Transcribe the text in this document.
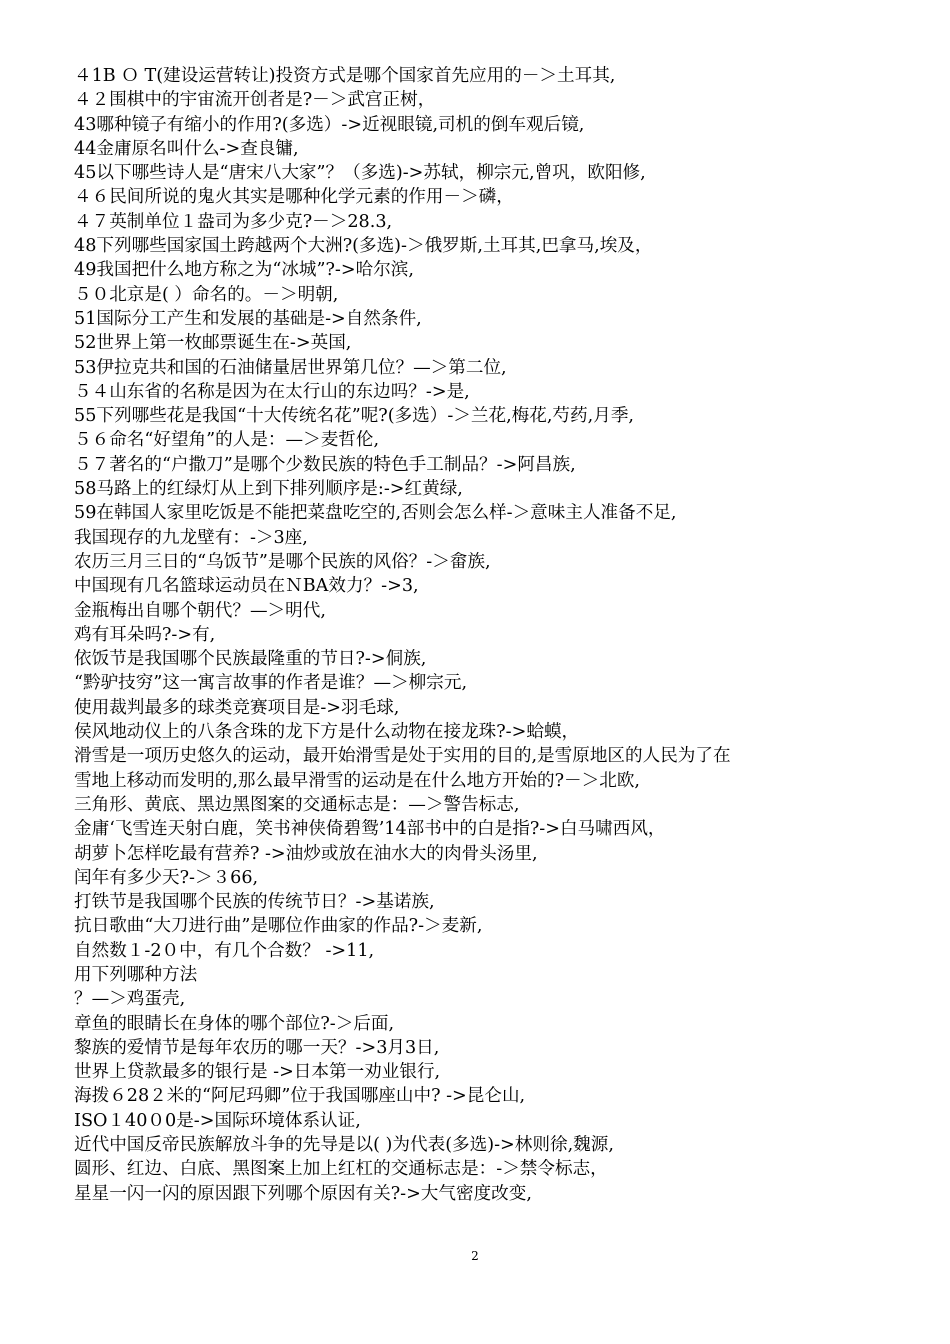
４1B Ｏ T(建设运营转让)投资方式是哪个国家首先应用的－＞土耳其,
４２围棋中的宇宙流开创者是?－＞武宫正树，
43哪种镜子有缩小的作用?(多选）->近视眼镜,司机的倒车观后镜,
44金庸原名叫什么->查良镛,
45以下哪些诗人是“唐宋八大家”？（多选)->苏轼，柳宗元,曾巩，欧阳修,
４６民间所说的鬼火其实是哪种化学元素的作用－＞磷，
４７英制单位１盎司为多少克?－＞28.3,
48下列哪些国家国土跨越两个大洲?(多选)-＞俄罗斯,土耳其,巴拿马,埃及，
49我国把什么地方称之为“冰城”?->哈尔滨,
５０北京是( ）命名的。－＞明朝,
51国际分工产生和发展的基础是->自然条件,
52世界上第一枚邮票诞生在->英国,
53伊拉克共和国的石油储量居世界第几位？—＞第二位,
５４山东省的名称是因为在太行山的东边吗？->是,
55下列哪些花是我国“十大传统名花”呢?(多选）-＞兰花,梅花,芍药,月季,
５６命名“好望角”的人是：—＞麦哲伦,
５７著名的“户撒刀”是哪个少数民族的特色手工制品？->阿昌族,
58马路上的红绿灯从上到下排列顺序是:->红黄绿,
59在韩国人家里吃饭是不能把菜盘吃空的,否则会怎么样-＞意味主人准备不足,
我国现存的九龙壁有：-＞3座,
农历三月三日的“乌饭节”是哪个民族的风俗？-＞畲族,
中国现有几名篮球运动员在ＮBA效力？->3,
金瓶梅出自哪个朝代？—＞明代,
鸡有耳朵吗?->有,
依饭节是我国哪个民族最隆重的节日?->侗族,
“黔驴技穷”这一寓言故事的作者是谁？—＞柳宗元,
使用裁判最多的球类竞赛项目是->羽毛球,
侯风地动仪上的八条含珠的龙下方是什么动物在接龙珠?->蛤蟆，
滑雪是一项历史悠久的运动，最开始滑雪是处于实用的目的,是雪原地区的人民为了在
雪地上移动而发明的,那么最早滑雪的运动是在什么地方开始的?－＞北欧,
三角形、黄底、黑边黑图案的交通标志是：—＞警告标志,
金庸‘飞雪连天射白鹿，笑书神侠倚碧鸳’14部书中的白是指?->白马啸西风，
胡萝卜怎样吃最有营养? ->油炒或放在油水大的肉骨头汤里,
闰年有多少天?-＞３66,
打铁节是我国哪个民族的传统节日？->基诺族,
抗日歌曲“大刀进行曲”是哪位作曲家的作品?-＞麦新,
自然数１-2０中，有几个合数？ ->11,
用下列哪种方法
？—＞鸡蛋壳,
章鱼的眼睛长在身体的哪个部位?-＞后面,
黎族的爱情节是每年农历的哪一天？->3月3日,
世界上贷款最多的银行是 ->日本第一劝业银行,
海拨６28２米的“阿尼玛卿”位于我国哪座山中? ->昆仑山,
ISO１40０0是->国际环境体系认证,
近代中国反帝民族解放斗争的先导是以( )为代表(多选)->林则徐,魏源,
圆形、红边、白底、黑图案上加上红杠的交通标志是：-＞禁令标志，
星星一闪一闪的原因跟下列哪个原因有关?->大气密度改变,
2
